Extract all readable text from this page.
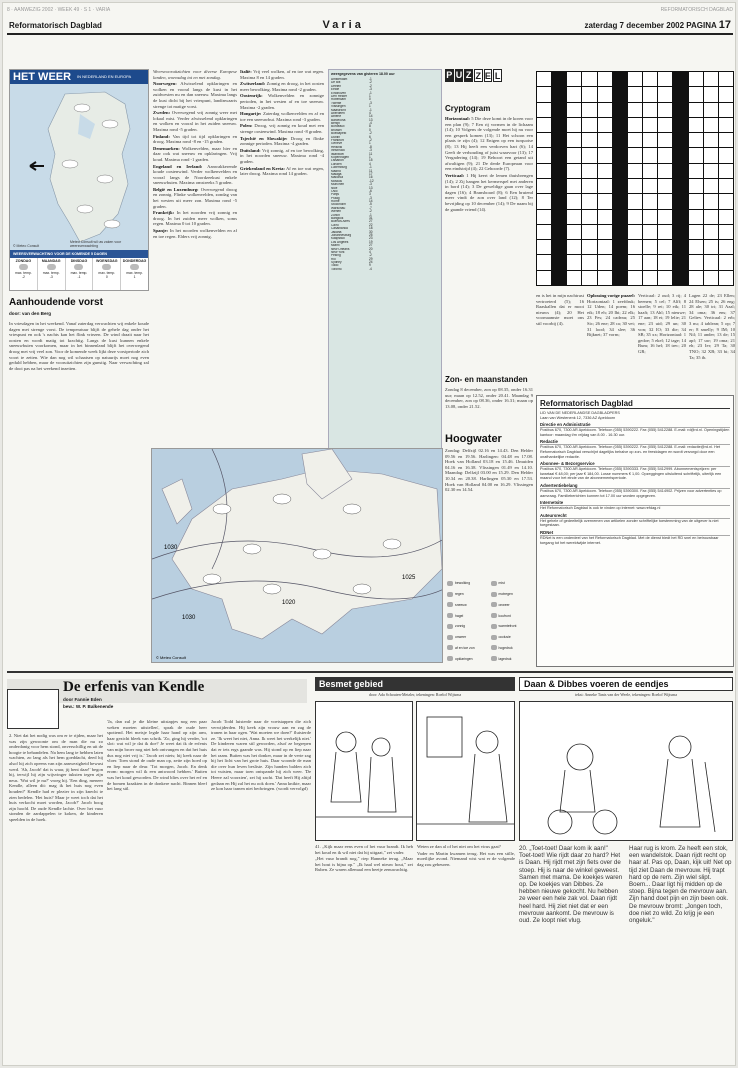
8 · AANWEZIG 2002 · WEEK 49 · S 1 · VARIA	REFORMATORISCH DAGBLAD
Reformatorisch Dagblad	Varia	zaterdag 7 december 2002 PAGINA 17
HET WEER IN NEDERLAND EN EUROPA
© Meteo Consult
Meteo Consult wil uw zaken voor weersverwachting
WEERSVERWACHTING VOOR DE KOMENDE 5 DAGEN
ZONDAG
max. temp.
-2
MAANDAG
max. temp.
-3
DINSDAG
max. temp.
-1
WOENSDAG
max. temp.
0
DONDERDAG
max. temp.
1
Aanhoudende vorst
door: van den Berg
In vriesdagen in het weekend. Vanaf zaterdag verwachten wij enkele koude dagen met strenge vorst. De temperatuur blijft de gehele dag onder het vriespunt en ook 's nachts kan het flink vriezen. De wind draait naar het oosten en wordt matig tot krachtig. Langs de kust kunnen enkele sneeuwbuien voorkomen, maar in het binnenland blijft het overwegend droog met vrij veel zon. Voor de komende week lijkt deze vorstperiode zich voort te zetten. Wie dan nog wil schaatsen op natuurijs moet nog even geduld hebben, maar de vooruitzichten zijn gunstig. Naar verwachting zal de dooi pas na het weekend inzetten.

Weersvooruitzichten voor diverse Europese landen, woensdag tot en met zondag.

Noorwegen: Afwisselend opklaringen en wolken en vooral langs de kust in het zuidwesten nu en dan sneeuw. Maxima langs de kust dicht bij het vriespunt, landinwaarts strenge tot matige vorst.

Zweden: Overwegend vrij zonnig weer met lokaal mist. Verder afwisselend opklaringen en wolken en vooral in het zuiden sneeuw. Maxima rond -5 graden.

Finland: Van tijd tot tijd opklaringen en droog. Maxima rond -8 en -15 graden.

Denemarken: Wolkenvelden, maar hier en daar ook wat sneeuw en opklaringen. Vrij koud. Maxima rond -1 graden.

Engeland en Ierland: Aanwakkerende koude oostenwind. Verder wolkenvelden en vooral langs de Noordzeekust enkele sneeuwbuien. Maxima omstreeks 5 graden.

België en Luxemburg: Overwegend droog en zonnig. Flinke wolkenvelden, zondag van het westen uit meer zon. Maxima rond -5 graden.

Frankrijk: In het noorden vrij zonnig en droog. In het zuiden meer wolken, soms regen. Maxima 0 tot 10 graden.

Spanje: In het noorden wolkenvelden en af en toe regen. Elders vrij zonnig.

Italië: Vrij veel wolken, af en toe wat regen. Maxima 8 en 14 graden.

Zwitserland: Zonnig en droog, in het oosten meer bewolking. Maxima rond -2 graden.

Oostenrijk: Wolkenvelden en zonnige perioden, in het westen af en toe sneeuw. Maxima -2 graden.

Hongarije: Zaterdag wolkenvelden en af en toe een sneeuwbui. Maxima rond -3 graden.

Polen: Droog, vrij zonnig en koud met een strenge oostenwind. Maxima rond -8 graden.

Tsjechië en Slowakije: Droog en flinke zonnige perioden. Maxima -4 graden.

Duitsland: Vrij zonnig, af en toe bewolking, in het noorden sneeuw. Maxima rond -4 graden.

Griekenland en Kreta: Af en toe wat regen, later droog. Maxima rond 14 graden.

weergegevens van gisteren 18.00 uur
Amsterdam	-1
De Bilt	-2
Deelen	-2
Eelde	-3
Eindhoven	-1
Den Helder	1
Rotterdam	0
Twente	-3
Vlissingen	1
Maastricht	-1
Aberdeen	4
Athene	14
Barcelona	13
Berlijn	-4
Bordeaux	8
Brussel	0
Boedapest	-2
Dublin	6
Frankfort	-2
Genève	1
Helsinki	-8
Innsbruck	-3
Istanboel	11
Kopenhagen	1
Lissabon	15
Londen	4
Luxemburg	-1
Madrid	11
Malaga	17
Mallorca	16
Moskou	-12
München	-3
Nice	13
Oslo	-6
Parijs	3
Praag	-3
Rome	14
Stockholm	-5
Warschau	-7
Wenen	-2
Zürich	-1
Bangkok	31
Buenos Aires	27
Caïro	22
Casablanca	18
Jakarta	30
Johannesburg	25
Kaapstad	23
Los Angeles	19
Miami	27
New Orleans	20
New York	4
Peking	-2
Rio	29
Sydney	24
Tokio	9
Toronto	-4
1030
1020
1030
1025
© Meteo Consult
P U Z Z E L
Cryptogram

Horizontaal: 5 Die deze komt in de koren voor een plan (9); 7 Een rij vormen in de lichaam (14); 10 Volgens de volgende moet hij nu voor een gesprek komen (13); 11 Het schoon een plaats te zijn (4); 12 Enigen op een turquoise (8); 13 Hij heeft een verdorven hart (6); 14 Geeft de verhouding of juist waarvoor (13); 17 Vergadering (14); 19 Behoort een getand uit afwaltigen (9); 21 De derde Europeaan voor een eindstrijd (4); 22 Gehoorde (7).

Verticaal: 1 Hij keert de lemen thuisbrengen (14); 2 Zij hangen het kermerspel met anderen in bord (14); 3 De geweldige gaan over lage dagen (16); 4 Bransboard (8); 6 Een bruiend meer vindt de zon over land (12); 8 Ter bevrijding op 10 december (14); 9 De naam bij de gaande vriend (14).

en is het in mijn nachtrust vertroeterd (5); 16 Raaskallen dat er mooi nieuws (4); 20 Het voornaamste moet ons stil voorbij (4).

Oplossing vorige puzzel: Horizontaal: 1 zeefdruk; 12 Uden; 14 poem; 16 eik; 18 eh; 20 Ibi; 22 elk; 23 Fes; 24 cadeau; 25 Sic; 26 ene; 28 ca; 30 vet; 31 lood; 34 slee; 36 Bijknet; 37 vorm;

Verticaal: 2 oud; 3 rij; 4 beenen; 5 cel; 7 Alff; 8 stoelle; 9 rei; 10 eik; 11 haaft; 13 Ahl; 15 nieuwe; 17 aan; 18 ei; 19 lelie; 21 ene; 23 uid; 29 un; 30 von; 32 IO; 33 die; 34 SB; 35 xx; Horizontaal: 1 gedoe; 5 ekel; 12 tage; 14 Bum; 16 hel; 18 trec; 20 GR;
Lagen 22 de; 23 Ellen; 24 Elsen; 25 ts; 26 eng; 28 ale; 30 tri; 31 Azal; 34 oma; 36 ens; 37 Geliev. Verticaal: 2 erb; 3 nu; 4 tablean; 5 op; 7 er; 8 smelly; 9 IM; 10 Nil; 11 ander; 13 de; 15 apf; 17 uw; 19 oma; 21 eh; 23 Ier; 29 Ta; 30 TNO; 32 XB; 33 bi; 34 Ta; 35 ib.
Zon- en maanstanden
Zondag 8 december, zon op 08.35, onder 16.31 uur; maan op 12.52, onder 20.41. Maandag 9 december, zon op 08.36, onder 16.31; maan op 13.08, onder 21.52.
Hoogwater
Zondag: Delfzijl 02.16 en 14.43. Den Helder 09.56 en 19.56. Harlingen: 04.48 en 17.08. Hoek van Holland 03.18 en 15.46. IJmuiden 04.16 en 16.38. Vlissingen 01.49 en 14.10. Maandag: Delfzijl 03.00 en 15.29. Den Helder 10.34 en 20.38. Harlingen 05.30 en 17.53. Hoek van Holland 04.00 en 16.29. Vlissingen 02.30 en 14.54.
bewolking	mist
regen	motregen
sneeuw	onweer
hagel	koufront
zonnig	warmtefront
onweer	occlusie
af en toe zon	hogedruk
opklaringen	lagedruk
Reformatorisch Dagblad

LID VAN DE NEDERLANDSE DAGBLADPERS

Laan van Westenenk 12, 7336 AZ Apeldoorn

Directie en Administratie

Postbus 670, 7300 AR Apeldoorn. Telefoon (055) 5390222. Fax (055) 5412288. E-mail: rd@rd.nl. Openingstijden kantoor: maandag t/m vrijdag van 8.00 - 16.30 uur.

Redactie

Postbus 670, 7300 AR Apeldoorn. Telefoon (055) 5390222. Fax (055) 5412288. E-mail: redactie@rd.nl. Het Reformatorisch Dagblad verschijnt dagelijks behalve op zon- en feestdagen en wordt verzorgd door een onafhankelijke redactie.

Abonnee- & Bezorgservice

Postbus 670, 7300 AR Apeldoorn. Telefoon (055) 5390333. Fax (055) 5412999. Abonnementsprijzen: per kwartaal € 48,00; per jaar € 184,00. Losse nummers € 1,00. Opzeggingen uitsluitend schriftelijk, uiterlijk een maand voor het einde van de abonnementsperiode.

Advertentiebelang

Postbus 670, 7300 AR Apeldoorn. Telefoon (055) 5390300. Fax (055) 5414902. Prijzen voor advertenties op aanvraag. Familieberichten kunnen tot 17.00 uur worden opgegeven.

Internetsite

Het Reformatorisch Dagblad is ook te vinden op internet: www.refdag.nl

Auteursrecht

Het gehele of gedeeltelijk overnemen van artikelen zonder schriftelijke toestemming van de uitgever is niet toegestaan.

RDNet

RDNet is een onderdeel van het Reformatorisch Dagblad. Met de dienst biedt het RD snel en betrouwbaar toegang tot het wereldwijde internet.

De erfenis van Kendle
door Fannie Eden
bew.: W. P. Balkenende
2. Niet dat het nodig was om er te rijden, maar het was zijn gewoonte om de man die nu zo onderdanig voor hem stond, onverschillig en uit de hoogte te behandelen. Na hem lang te hebben laten wachten, zo lang als het hem goeddacht, deed hij alsof hij zich opeens van zijn aanwezigheid bewust werd. 'Ah, Jacob! dat is waar, jij bent daar!' begon hij, terwijl hij zijn wijsvinger tuksten tegen zijn neus. 'Wat wil je nu?' vroeg hij. 'Een ding, meneer Kendle, alleen dit: mag ik het huis nog even houden?' Kendle had er plezier in zijn knecht te zien bedelen. 'Het huis? Maar je weet toch dat het huis verkocht moet worden, Jacob?' Jacob boog zijn hoofd. De oude Kendle lachte. Over het vuur stonden de aardappelen te koken, de kinderen speelden in de hoek.
'Ja, dan zul je die kleine uitstapjes nog een paar weken moeten uitstellen', sprak de oude heer spottend. Het meisje legde haar hand op zijn arm, haar gezicht bleek van schrik. 'Zo, ging hij verder, 'tot slot: wat wil je dat ik doe? Je weet dat ik de erfenis van mijn broer nog niet heb ontvangen en dat het huis dus nog niet vrij is.' 'Jacob zei niets; hij keek naar de vloer. Toen stond de oude man op, zette zijn hoed op en liep naar de deur. 'Tot morgen, Jacob. En denk erom: morgen wil ik een antwoord hebben.' Buiten was het koud geworden. De wind blies over het erf en de bomen kraakten in de donkere nacht. Binnen bleef het lang stil.
Jacob Todd luisterde naar de voetstappen die zich verwijderden. Hij keek zijn vrouw aan en zag de tranen in haar ogen. 'Wat moeten we doen?' fluisterde ze. 'Ik weet het niet, Anna. Ik weet het werkelijk niet.' De kinderen waren stil geworden, alsof ze begrepen dat er iets ergs gaande was. Hij stond op en liep naar het raam. Buiten was het donker, maar in de verte zag hij het licht van het grote huis. Daar woonde de man die over hun leven besliste. Zijn handen balden zich tot vuisten, maar toen ontspande hij zich weer. 'De Heere zal voorzien', zei hij zacht. 'Dat heeft Hij altijd gedaan en Hij zal het nu ook doen.' Anna knikte, maar ze kon haar tranen niet bedwingen. (wordt vervolgd)
Besmet gebied
door: Ada Schouten-Metzler, tekeningen: Roelof Wijtsma

41. „Kijk maar eens even of het vuur brandt. Ik heb het koud en ik wil niet dat hij uitgaat," zei vader.

„Het vuur brandt nog," riep Hanneke terug. „Maar het hout is bijna op." „Ik haal wel nieuw hout," zei Ruben. Ze waren allemaal een beetje zenuwachtig.

Weten ze dan al of het niet om het virus gaat?

Vader en Martin kwamen terug. Het was een stille, moeilijke avond. Niemand wist wat er de volgende dag zou gebeuren.

Daan & Dibbes voeren de eendjes
tekst: Anneke Tanis van der Weele, tekeningen: Roelof Wijtsma
20. „Toet-toet! Daar kom ik aan!" Toet-toet! Wie rijdt daar zo hard? Het is Daan. Hij rijdt met zijn fiets over de stoep. Hij is naar de winkel geweest. Samen met mama. De koekjes waren op. De koekjes van Dibbes. Ze hebben nieuwe gekocht. Nu hebben ze weer een hele zak vol. Daan rijdt heel hard. Hij ziet niet dat er een mevrouw aankomt. De mevrouw is oud. Ze loopt niet vlug.
Haar rug is krom. Ze heeft een stok, een wandelstok. Daan rijdt recht op haar af. Pas op, Daan, kijk uit! Net op tijd ziet Daan de mevrouw. Hij trapt hard op de rem. Zijn wiel slipt. Boem... Daar ligt hij midden op de stoep. Bijna tegen de mevrouw aan. Zijn hand doet pijn en zijn been ook. De mevrouw bromt: „Jongen toch, doe niet zo wild. Zo krijg je een ongeluk."
